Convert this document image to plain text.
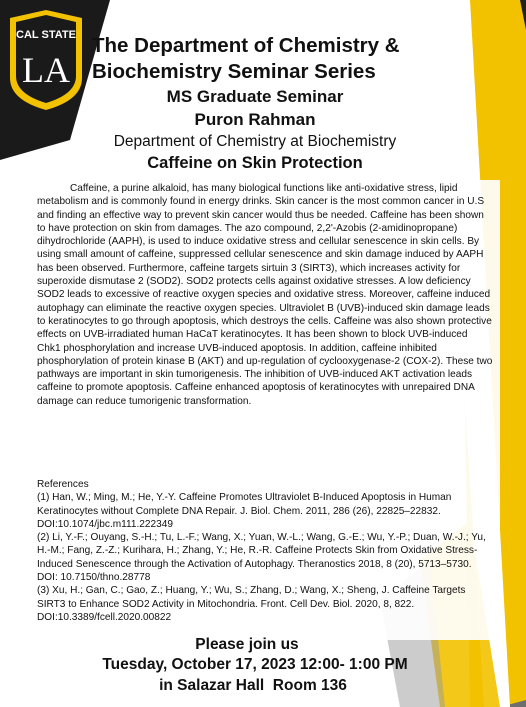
CAL STATE
LA
The Department of Chemistry & Biochemistry Seminar Series

MS Graduate Seminar

Puron Rahman

Department of Chemistry at Biochemistry

Caffeine on Skin Protection

Caffeine, a purine alkaloid, has many biological functions like anti-oxidative stress, lipid metabolism and is commonly found in energy drinks. Skin cancer is the most common cancer in U.S and finding an effective way to prevent skin cancer would thus be needed. Caffeine has been shown to have protection on skin from damages. The azo compound, 2,2'-Azobis (2-amidinopropane) dihydrochloride (AAPH), is used to induce oxidative stress and cellular senescence in skin cells. By using small amount of caffeine, suppressed cellular senescence and skin damage induced by AAPH has been observed. Furthermore, caffeine targets sirtuin 3 (SIRT3), which increases activity for superoxide dismutase 2 (SOD2). SOD2 protects cells against oxidative stresses. A low deficiency SOD2 leads to excessive of reactive oxygen species and oxidative stress. Moreover, caffeine induced autophagy can eliminate the reactive oxygen species. Ultraviolet B (UVB)-induced skin damage leads to keratinocytes to go through apoptosis, which destroys the cells. Caffeine was also shown protective effects on UVB-irradiated human HaCaT keratinocytes. It has been shown to block UVB-induced Chk1 phosphorylation and increase UVB-induced apoptosis. In addition, caffeine inhibited phosphorylation of protein kinase B (AKT) and up-regulation of cyclooxygenase-2 (COX-2). These two pathways are important in skin tumorigenesis. The inhibition of UVB-induced AKT activation leads caffeine to promote apoptosis. Caffeine enhanced apoptosis of keratinocytes with unrepaired DNA damage can reduce tumorigenic transformation.

References

(1) Han, W.; Ming, M.; He, Y.-Y. Caffeine Promotes Ultraviolet B-Induced Apoptosis in Human Keratinocytes without Complete DNA Repair. J. Biol. Chem. 2011, 286 (26), 22825–22832. DOI:10.1074/jbc.m111.222349

(2) Li, Y.-F.; Ouyang, S.-H.; Tu, L.-F.; Wang, X.; Yuan, W.-L.; Wang, G.-E.; Wu, Y.-P.; Duan, W.-J.; Yu, H.-M.; Fang, Z.-Z.; Kurihara, H.; Zhang, Y.; He, R.-R. Caffeine Protects Skin from Oxidative Stress-Induced Senescence through the Activation of Autophagy. Theranostics 2018, 8 (20), 5713–5730. DOI: 10.7150/thno.28778

(3) Xu, H.; Gan, C.; Gao, Z.; Huang, Y.; Wu, S.; Zhang, D.; Wang, X.; Sheng, J. Caffeine Targets SIRT3 to Enhance SOD2 Activity in Mitochondria. Front. Cell Dev. Biol. 2020, 8, 822. DOI:10.3389/fcell.2020.00822

Please join us

Tuesday, October 17, 2023 12:00- 1:00 PM

in Salazar Hall  Room 136
